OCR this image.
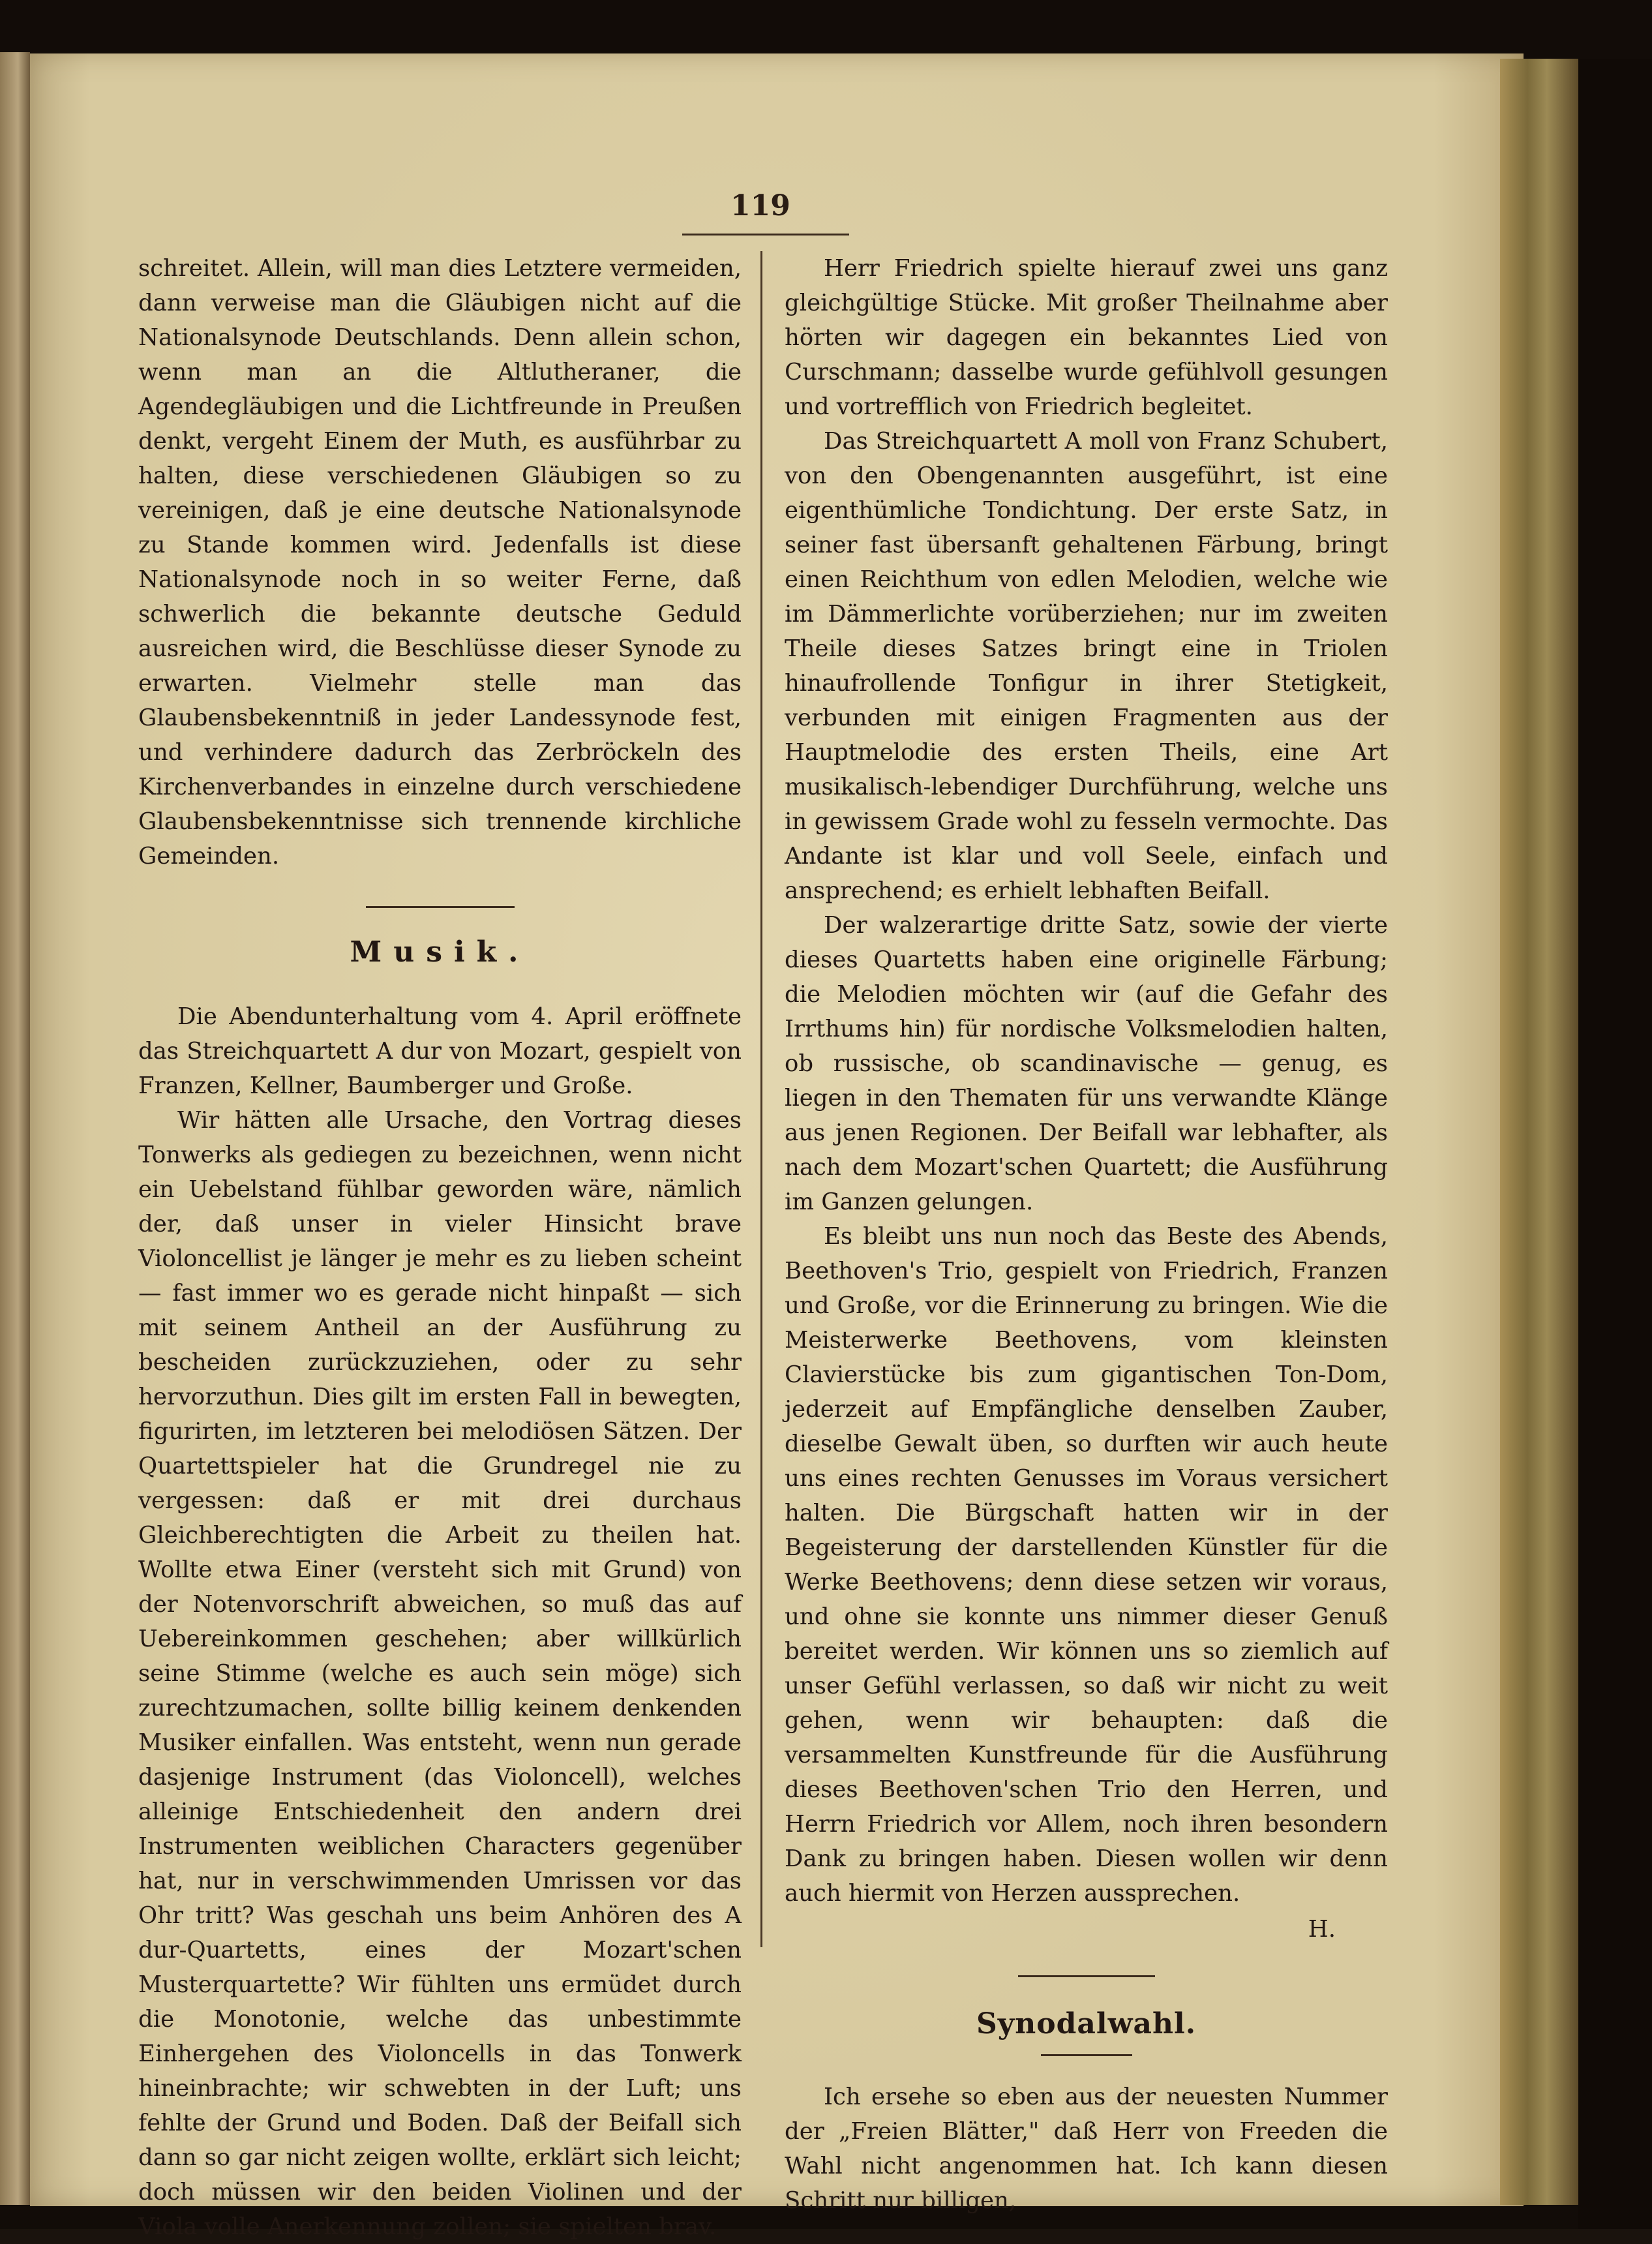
119

schreitet. Allein, will man dies Letztere vermeiden, dann verweise man die Gläubigen nicht auf die Nationalsynode Deutschlands. Denn allein schon, wenn man an die Altlutheraner, die Agendegläubigen und die Lichtfreunde in Preußen denkt, vergeht Einem der Muth, es ausführbar zu halten, diese verschiedenen Gläubigen so zu vereinigen, daß je eine deutsche Nationalsynode zu Stande kommen wird. Jedenfalls ist diese Nationalsynode noch in so weiter Ferne, daß schwerlich die bekannte deutsche Geduld ausreichen wird, die Beschlüsse dieser Synode zu erwarten. Vielmehr stelle man das Glaubensbekenntniß in jeder Landessynode fest, und verhindere dadurch das Zerbröckeln des Kirchenverbandes in einzelne durch verschiedene Glaubensbekenntnisse sich trennende kirchliche Gemeinden.

Musik.

Die Abendunterhaltung vom 4. April eröffnete das Streichquartett A dur von Mozart, gespielt von Franzen, Kellner, Baumberger und Große.

Wir hätten alle Ursache, den Vortrag dieses Tonwerks als gediegen zu bezeichnen, wenn nicht ein Uebelstand fühlbar geworden wäre, nämlich der, daß unser in vieler Hinsicht brave Violoncellist je länger je mehr es zu lieben scheint — fast immer wo es gerade nicht hinpaßt — sich mit seinem Antheil an der Ausführung zu bescheiden zurückzuziehen, oder zu sehr hervorzuthun. Dies gilt im ersten Fall in bewegten, figurirten, im letzteren bei melodiösen Sätzen. Der Quartettspieler hat die Grundregel nie zu vergessen: daß er mit drei durchaus Gleichberechtigten die Arbeit zu theilen hat. Wollte etwa Einer (versteht sich mit Grund) von der Notenvorschrift abweichen, so muß das auf Uebereinkommen geschehen; aber willkürlich seine Stimme (welche es auch sein möge) sich zurechtzumachen, sollte billig keinem denkenden Musiker einfallen. Was entsteht, wenn nun gerade dasjenige Instrument (das Violoncell), welches alleinige Entschiedenheit den andern drei Instrumenten weiblichen Characters gegenüber hat, nur in verschwimmenden Umrissen vor das Ohr tritt? Was geschah uns beim Anhören des A dur-Quartetts, eines der Mozart'schen Musterquartette? Wir fühlten uns ermüdet durch die Monotonie, welche das unbestimmte Einhergehen des Violoncells in das Tonwerk hineinbrachte; wir schwebten in der Luft; uns fehlte der Grund und Boden. Daß der Beifall sich dann so gar nicht zeigen wollte, erklärt sich leicht; doch müssen wir den beiden Violinen und der Viola volle Anerkennung zollen; sie spielten brav.

Herr Friedrich spielte hierauf zwei uns ganz gleichgültige Stücke. Mit großer Theilnahme aber hörten wir dagegen ein bekanntes Lied von Curschmann; dasselbe wurde gefühlvoll gesungen und vortrefflich von Friedrich begleitet.

Das Streichquartett A moll von Franz Schubert, von den Obengenannten ausgeführt, ist eine eigenthümliche Tondichtung. Der erste Satz, in seiner fast übersanft gehaltenen Färbung, bringt einen Reichthum von edlen Melodien, welche wie im Dämmerlichte vorüberziehen; nur im zweiten Theile dieses Satzes bringt eine in Triolen hinaufrollende Tonfigur in ihrer Stetigkeit, verbunden mit einigen Fragmenten aus der Hauptmelodie des ersten Theils, eine Art musikalisch-lebendiger Durchführung, welche uns in gewissem Grade wohl zu fesseln vermochte. Das Andante ist klar und voll Seele, einfach und ansprechend; es erhielt lebhaften Beifall.

Der walzerartige dritte Satz, sowie der vierte dieses Quartetts haben eine originelle Färbung; die Melodien möchten wir (auf die Gefahr des Irrthums hin) für nordische Volksmelodien halten, ob russische, ob scandinavische — genug, es liegen in den Thematen für uns verwandte Klänge aus jenen Regionen. Der Beifall war lebhafter, als nach dem Mozart'schen Quartett; die Ausführung im Ganzen gelungen.

Es bleibt uns nun noch das Beste des Abends, Beethoven's Trio, gespielt von Friedrich, Franzen und Große, vor die Erinnerung zu bringen. Wie die Meisterwerke Beethovens, vom kleinsten Clavierstücke bis zum gigantischen Ton-Dom, jederzeit auf Empfängliche denselben Zauber, dieselbe Gewalt üben, so durften wir auch heute uns eines rechten Genusses im Voraus versichert halten. Die Bürgschaft hatten wir in der Begeisterung der darstellenden Künstler für die Werke Beethovens; denn diese setzen wir voraus, und ohne sie konnte uns nimmer dieser Genuß bereitet werden. Wir können uns so ziemlich auf unser Gefühl verlassen, so daß wir nicht zu weit gehen, wenn wir behaupten: daß die versammelten Kunstfreunde für die Ausführung dieses Beethoven'schen Trio den Herren, und Herrn Friedrich vor Allem, noch ihren besondern Dank zu bringen haben. Diesen wollen wir denn auch hiermit von Herzen aussprechen.

H.

Synodalwahl.

Ich ersehe so eben aus der neuesten Nummer der „Freien Blätter," daß Herr von Freeden die Wahl nicht angenommen hat. Ich kann diesen Schritt nur billigen,
